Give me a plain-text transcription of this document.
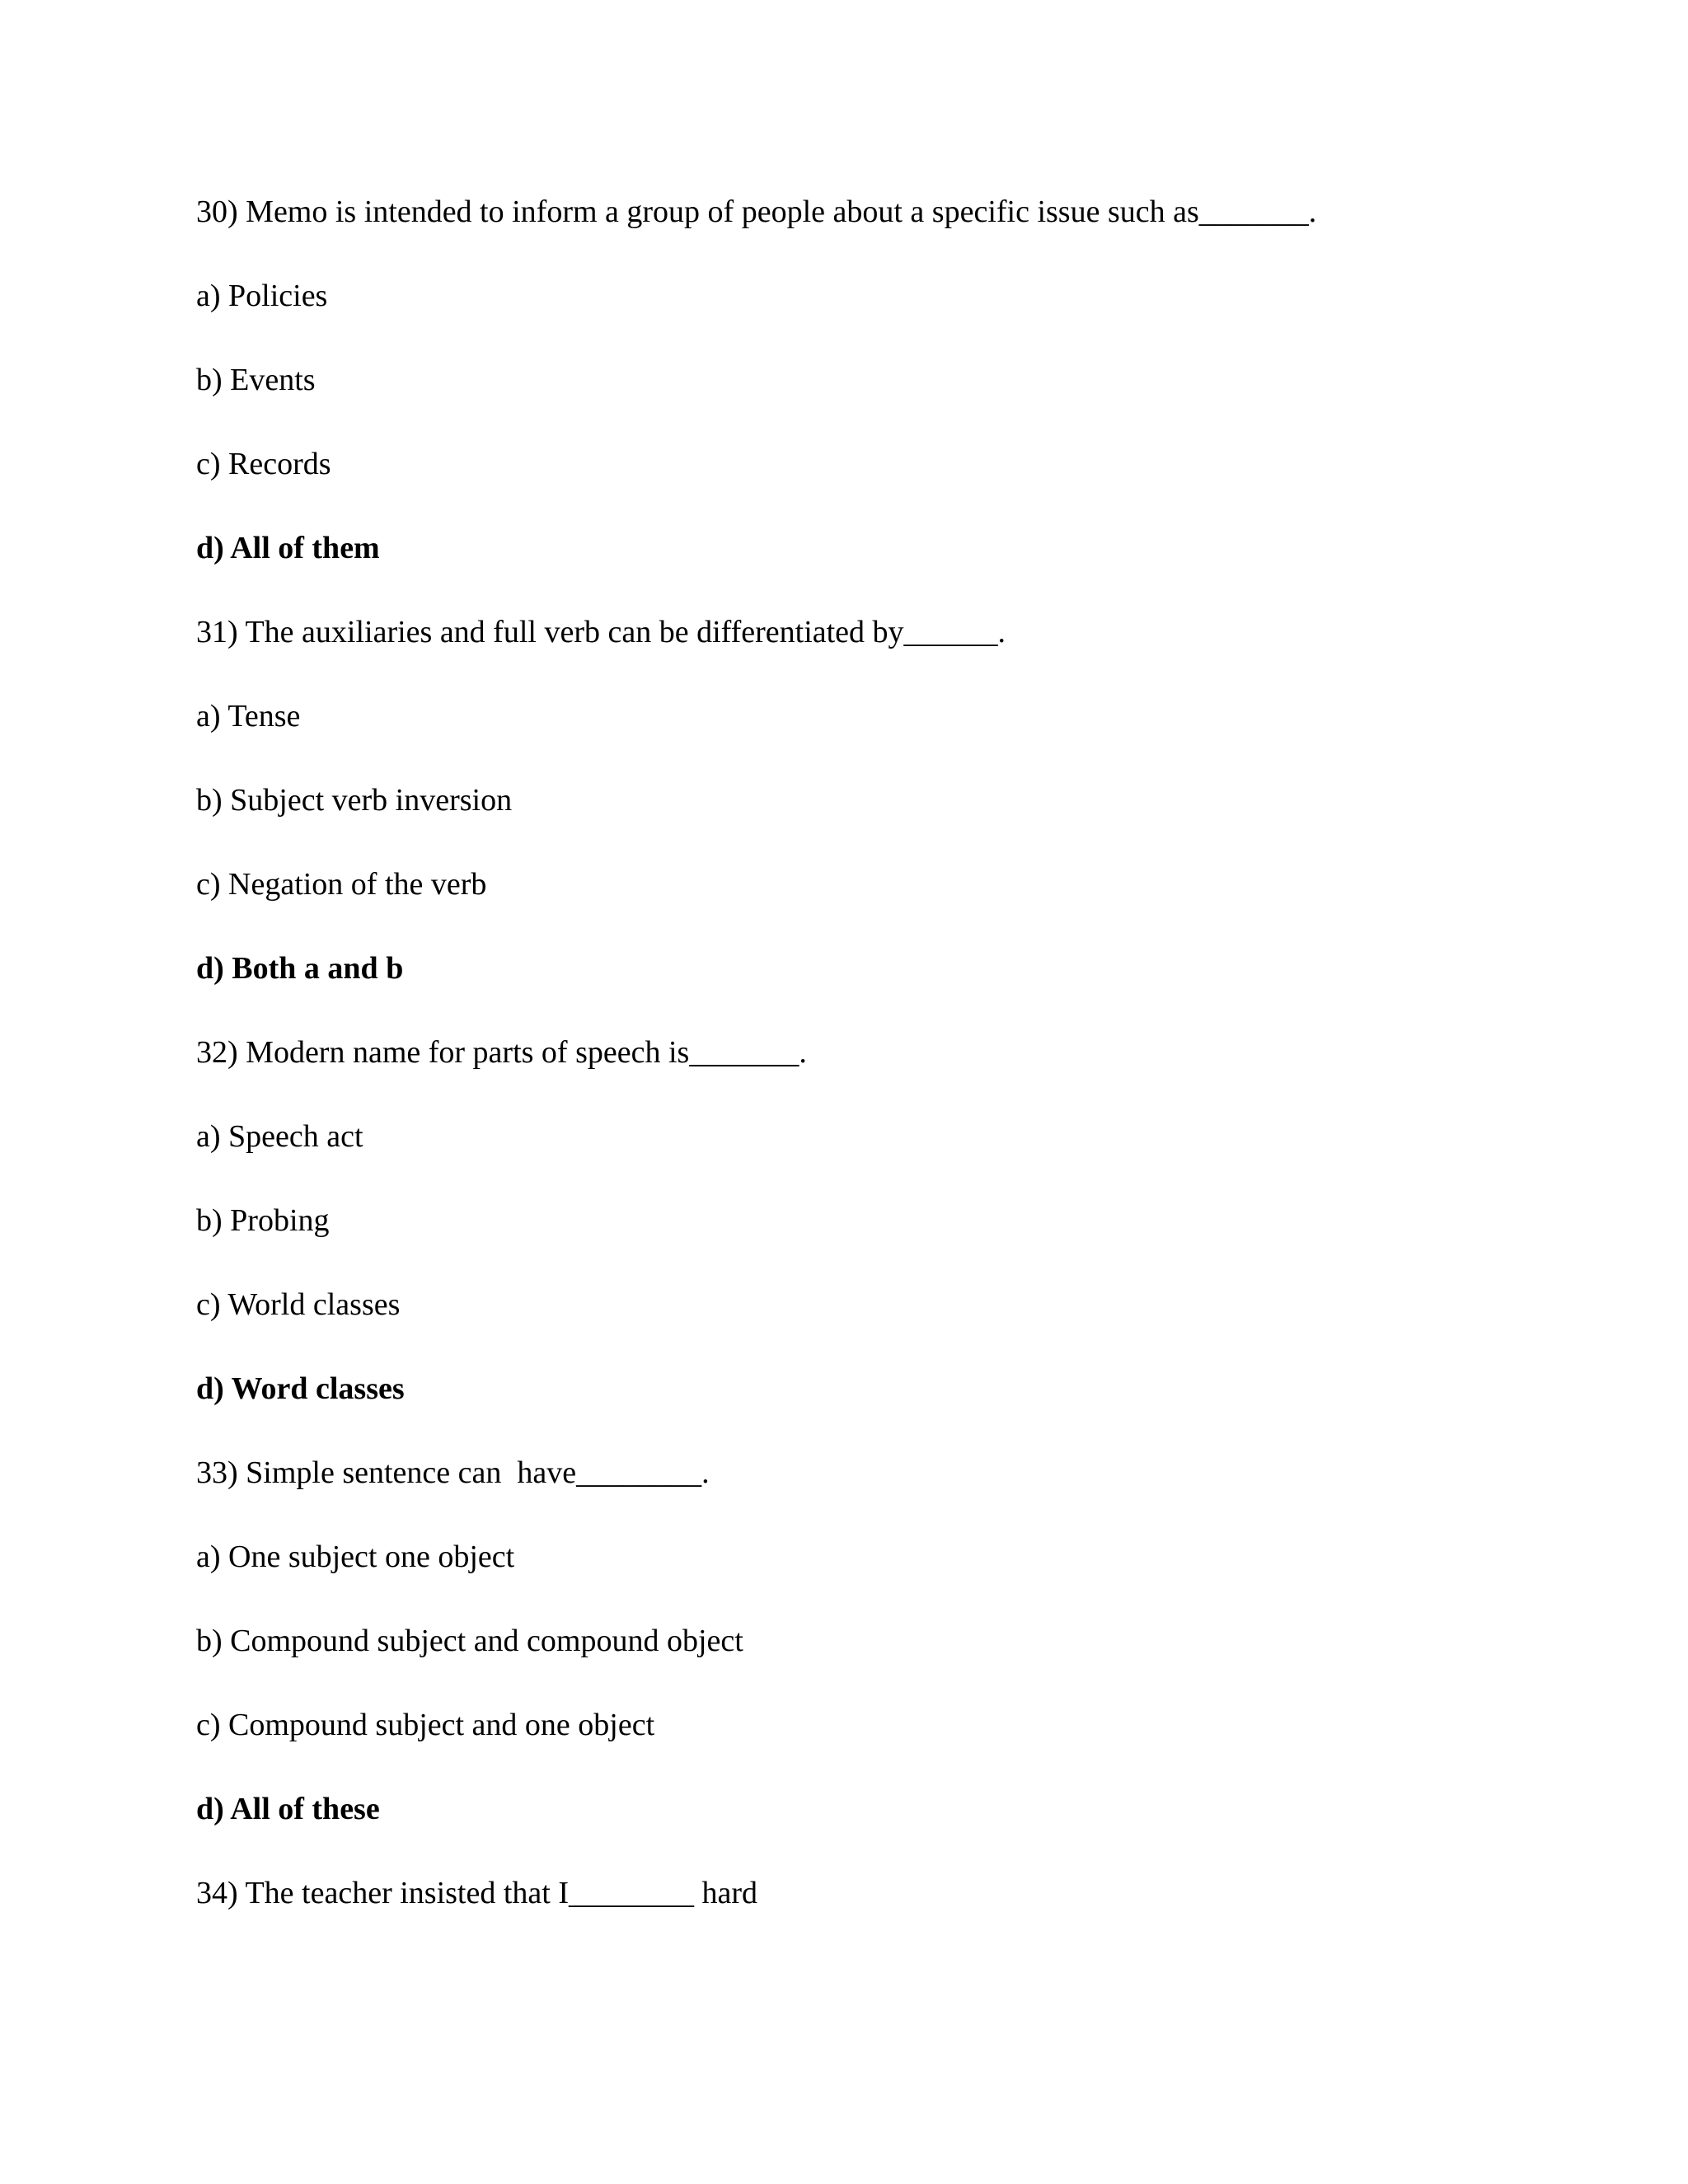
30) Memo is intended to inform a group of people about a specific issue such as_______.
a) Policies
b) Events
c) Records
d) All of them
31) The auxiliaries and full verb can be differentiated by______.
a) Tense
b) Subject verb inversion
c) Negation of the verb
d) Both a and b
32) Modern name for parts of speech is_______.
a) Speech act
b) Probing
c) World classes
d) Word classes
33) Simple sentence can  have________.
a) One subject one object
b) Compound subject and compound object
c) Compound subject and one object
d) All of these
34) The teacher insisted that I________ hard
